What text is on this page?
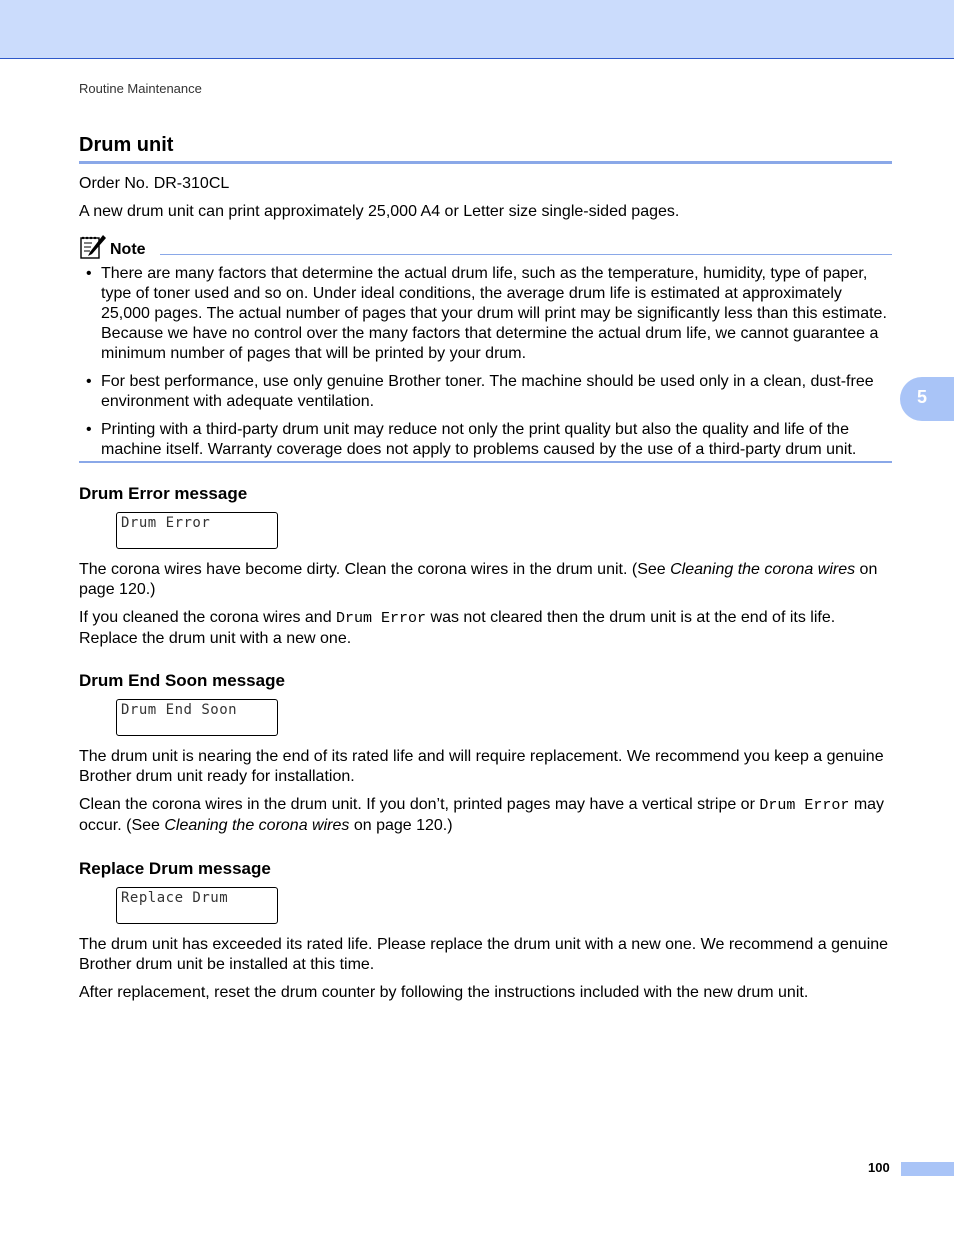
Routine Maintenance
5
Drum unit

Order No. DR-310CL

A new drum unit can print approximately 25,000 A4 or Letter size single-sided pages.

Note
• There are many factors that determine the actual drum life, such as the temperature, humidity, type of paper, type of toner used and so on. Under ideal conditions, the average drum life is estimated at approximately 25,000 pages. The actual number of pages that your drum will print may be significantly less than this estimate. Because we have no control over the many factors that determine the actual drum life, we cannot guarantee a minimum number of pages that will be printed by your drum.
• For best performance, use only genuine Brother toner. The machine should be used only in a clean, dust-free environment with adequate ventilation.
• Printing with a third-party drum unit may reduce not only the print quality but also the quality and life of the machine itself. Warranty coverage does not apply to problems caused by the use of a third-party drum unit.
Drum Error message
Drum Error

The corona wires have become dirty. Clean the corona wires in the drum unit. (See Cleaning the corona wires on page 120.)

If you cleaned the corona wires and Drum Error was not cleared then the drum unit is at the end of its life. Replace the drum unit with a new one.

Drum End Soon message
Drum End Soon

The drum unit is nearing the end of its rated life and will require replacement. We recommend you keep a genuine Brother drum unit ready for installation.

Clean the corona wires in the drum unit. If you don’t, printed pages may have a vertical stripe or Drum Error may occur. (See Cleaning the corona wires on page 120.)

Replace Drum message
Replace Drum

The drum unit has exceeded its rated life. Please replace the drum unit with a new one. We recommend a genuine Brother drum unit be installed at this time.

After replacement, reset the drum counter by following the instructions included with the new drum unit.

100
